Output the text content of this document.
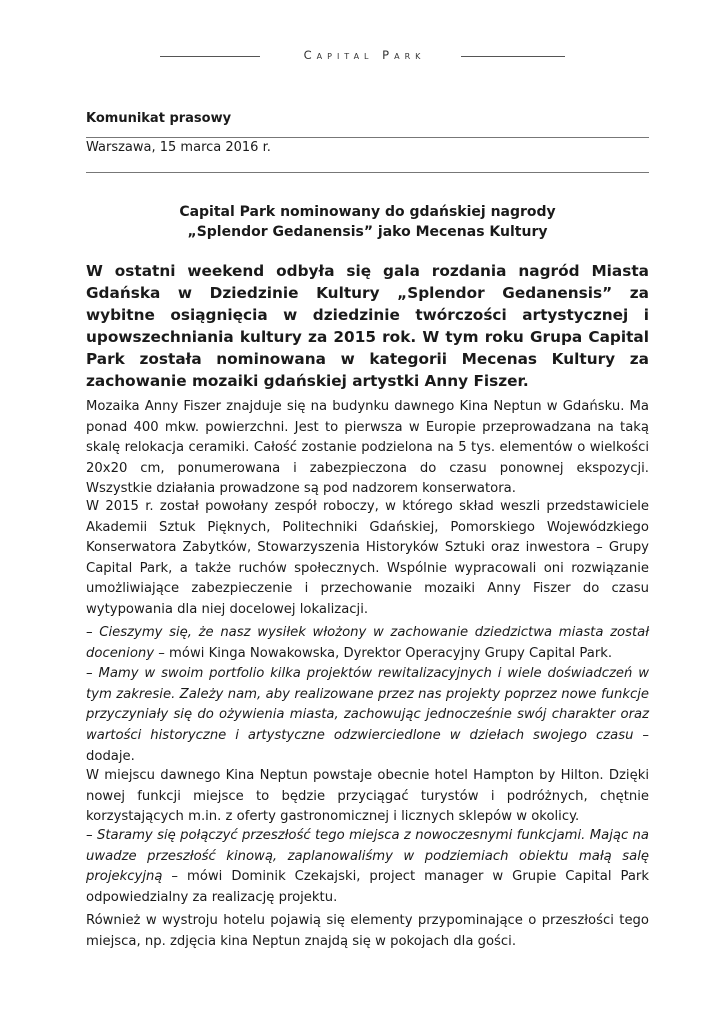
Capital Park
Komunikat prasowy
Warszawa, 15 marca 2016 r.
Capital Park nominowany do gdańskiej nagrody
„Splendor Gedanensis” jako Mecenas Kultury
W ostatni weekend odbyła się gala rozdania nagród Miasta Gdańska w Dziedzinie Kultury „Splendor Gedanensis” za wybitne osiągnięcia w dziedzinie twórczości artystycznej i upowszechniania kultury za 2015 rok. W tym roku Grupa Capital Park została nominowana w kategorii Mecenas Kultury za zachowanie mozaiki gdańskiej artystki Anny Fiszer.

Mozaika Anny Fiszer znajduje się na budynku dawnego Kina Neptun w Gdańsku. Ma ponad 400 mkw. powierzchni. Jest to pierwsza w Europie przeprowadzana na taką skalę relokacja ceramiki. Całość zostanie podzielona na 5 tys. elementów o wielkości 20x20 cm, ponumerowana i zabezpieczona do czasu ponownej ekspozycji. Wszystkie działania prowadzone są pod nadzorem konserwatora.

W 2015 r. został powołany zespół roboczy, w którego skład weszli przedstawiciele Akademii Sztuk Pięknych, Politechniki Gdańskiej, Pomorskiego Wojewódzkiego Konserwatora Zabytków, Stowarzyszenia Historyków Sztuki oraz inwestora – Grupy Capital Park, a także ruchów społecznych. Wspólnie wypracowali oni rozwiązanie umożliwiające zabezpieczenie i przechowanie mozaiki Anny Fiszer do czasu wytypowania dla niej docelowej lokalizacji.

– Cieszymy się, że nasz wysiłek włożony w zachowanie dziedzictwa miasta został doceniony – mówi Kinga Nowakowska, Dyrektor Operacyjny Grupy Capital Park.
– Mamy w swoim portfolio kilka projektów rewitalizacyjnych i wiele doświadczeń w tym zakresie. Zależy nam, aby realizowane przez nas projekty poprzez nowe funkcje przyczyniały się do ożywienia miasta, zachowując jednocześnie swój charakter oraz wartości historyczne i artystyczne odzwierciedlone w dziełach swojego czasu – dodaje.

W miejscu dawnego Kina Neptun powstaje obecnie hotel Hampton by Hilton. Dzięki nowej funkcji miejsce to będzie przyciągać turystów i podróżnych, chętnie korzystających m.in. z oferty gastronomicznej i licznych sklepów w okolicy.

– Staramy się połączyć przeszłość tego miejsca z nowoczesnymi funkcjami. Mając na uwadze przeszłość kinową, zaplanowaliśmy w podziemiach obiektu małą salę projekcyjną – mówi Dominik Czekajski, project manager w Grupie Capital Park odpowiedzialny za realizację projektu.

Również w wystroju hotelu pojawią się elementy przypominające o przeszłości tego miejsca, np. zdjęcia kina Neptun znajdą się w pokojach dla gości.
